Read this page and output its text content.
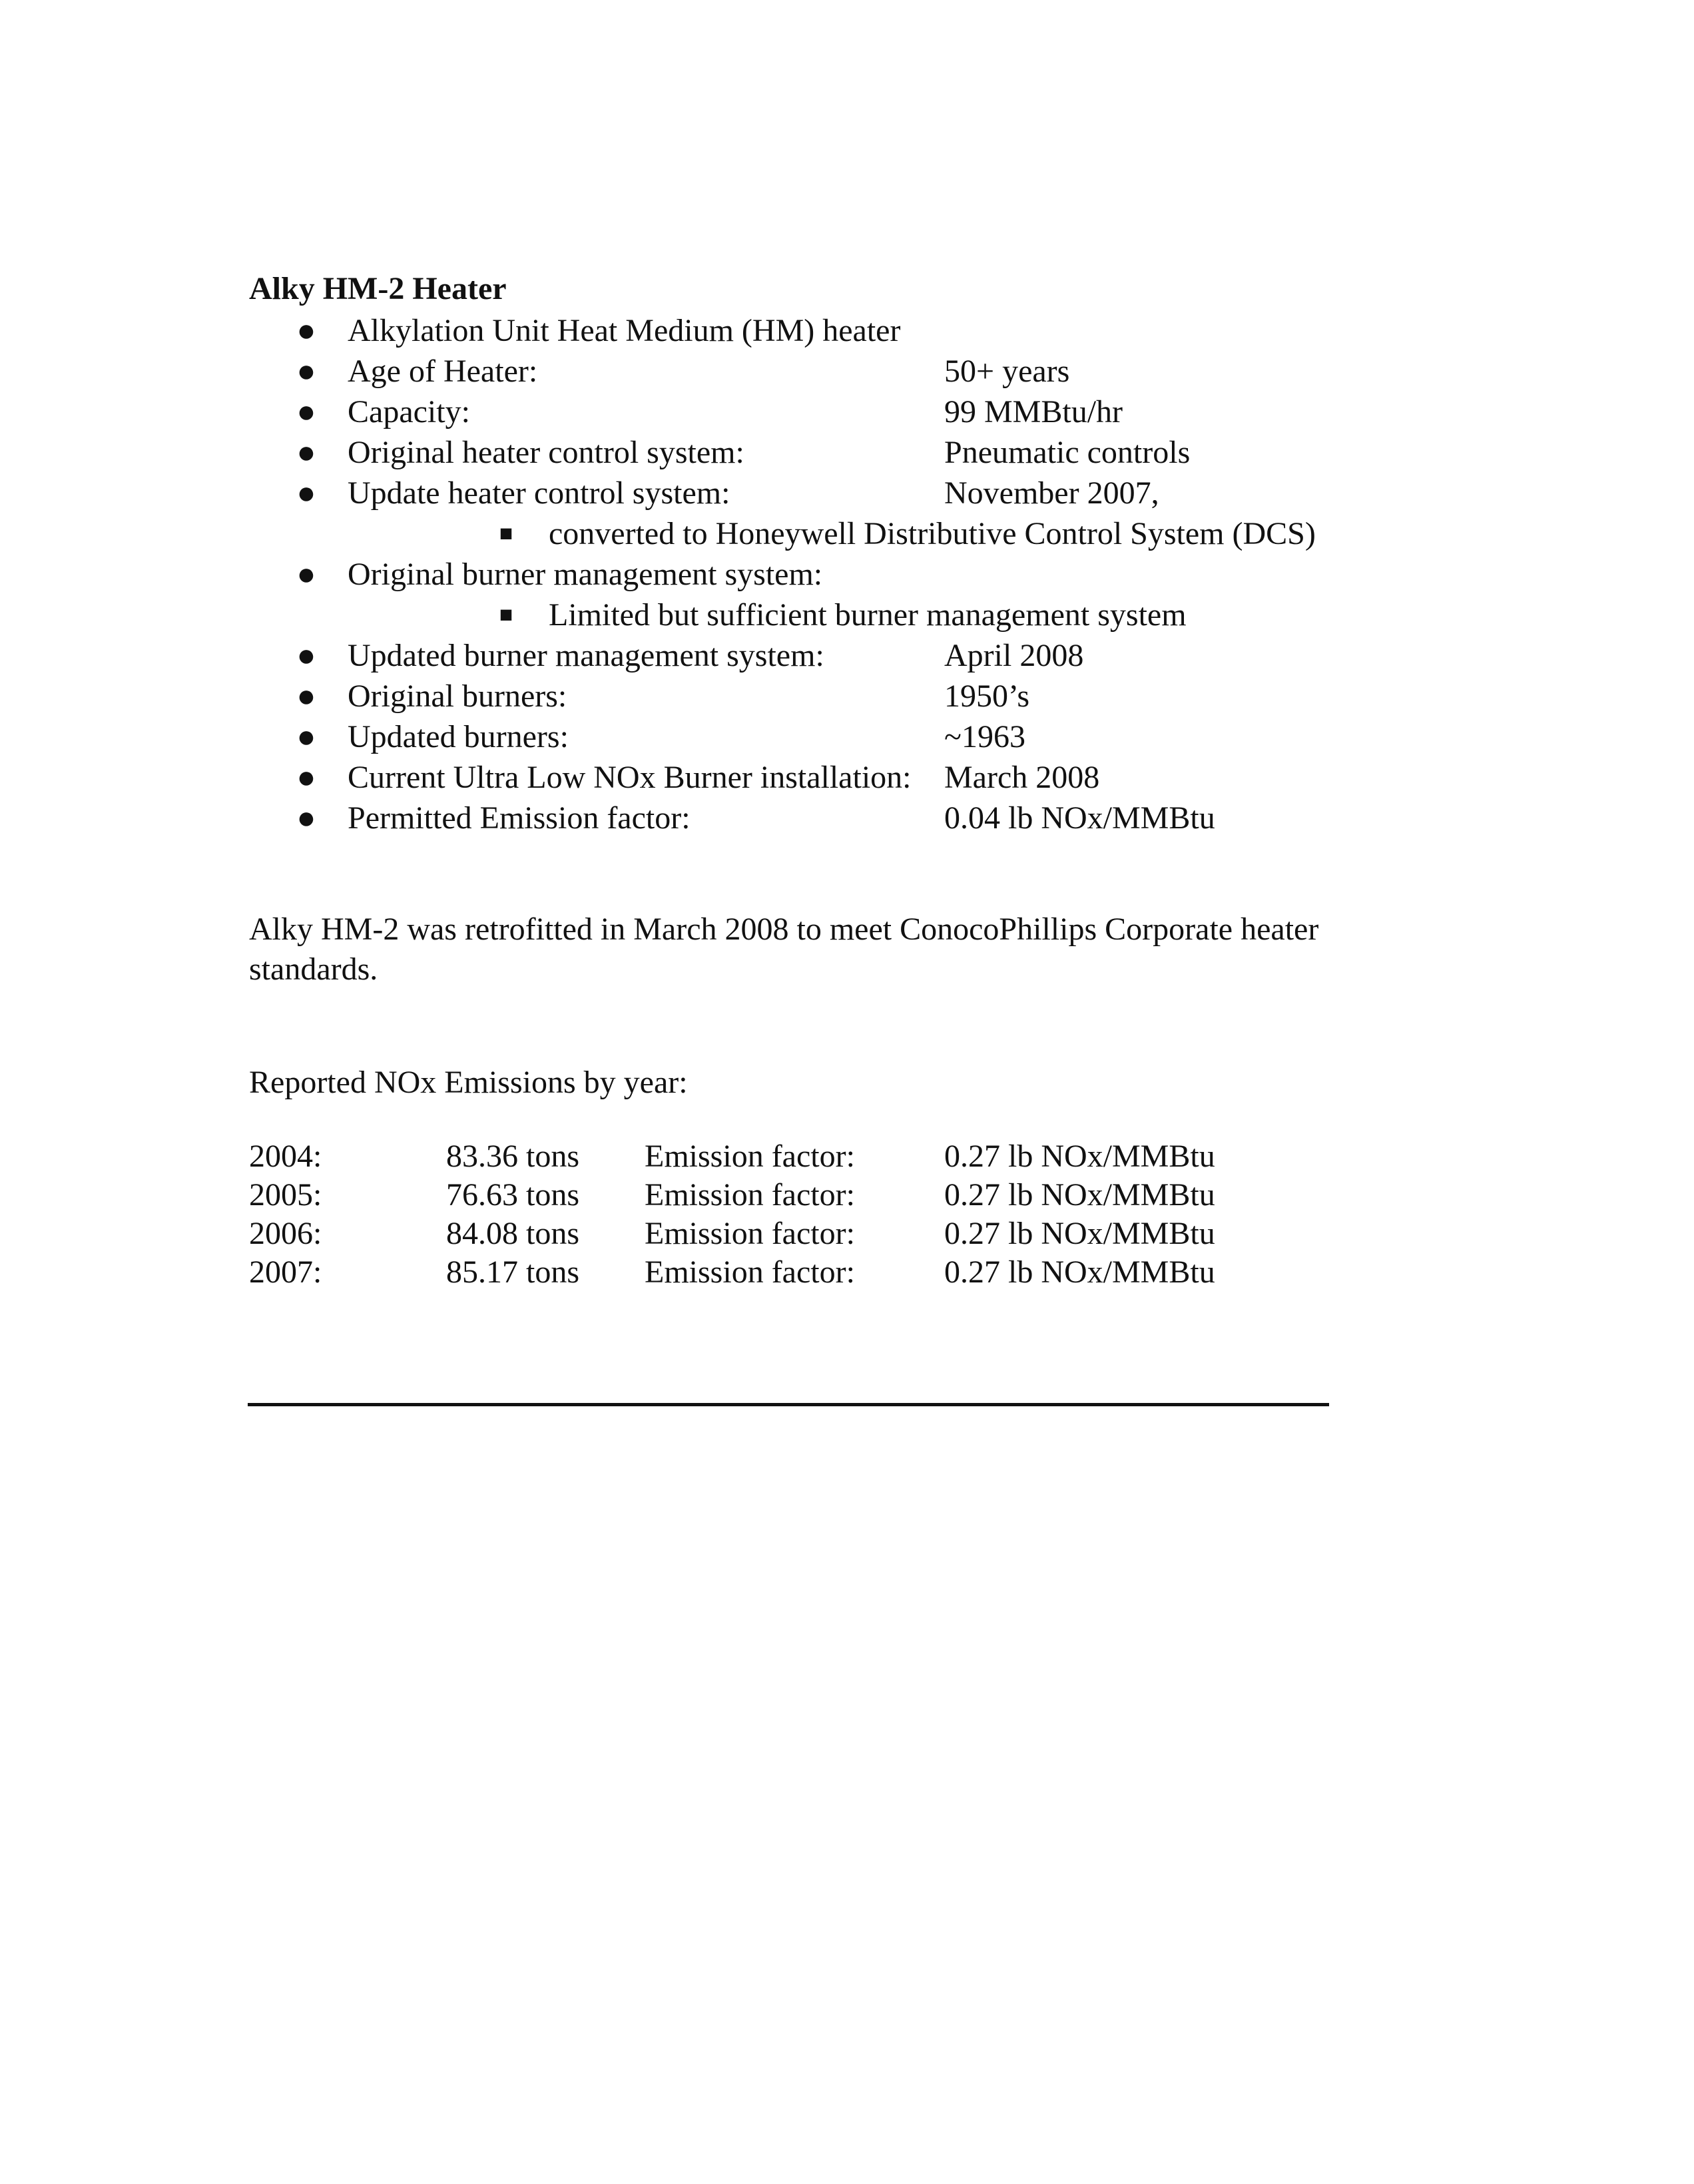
Alky HM-2 Heater
● Alkylation Unit Heat Medium (HM) heater
● Age of Heater:	50+ years
● Capacity:	99 MMBtu/hr
● Original heater control system:	Pneumatic controls
● Update heater control system:	November 2007,
■ converted to Honeywell Distributive Control System (DCS)
● Original burner management system:
■ Limited but sufficient burner management system
● Updated burner management system:	April 2008
● Original burners:	1950’s
● Updated burners:	~1963
● Current Ultra Low NOx Burner installation: March 2008
● Permitted Emission factor:	0.04 lb NOx/MMBtu
Alky HM-2 was retrofitted in March 2008 to meet ConocoPhillips Corporate heater standards.
Reported NOx Emissions by year:
2004:	83.36 tons Emission factor:	0.27 lb NOx/MMBtu
2005:	76.63 tons Emission factor:	0.27 lb NOx/MMBtu
2006:	84.08 tons Emission factor:	0.27 lb NOx/MMBtu
2007:	85.17 tons Emission factor:	0.27 lb NOx/MMBtu
